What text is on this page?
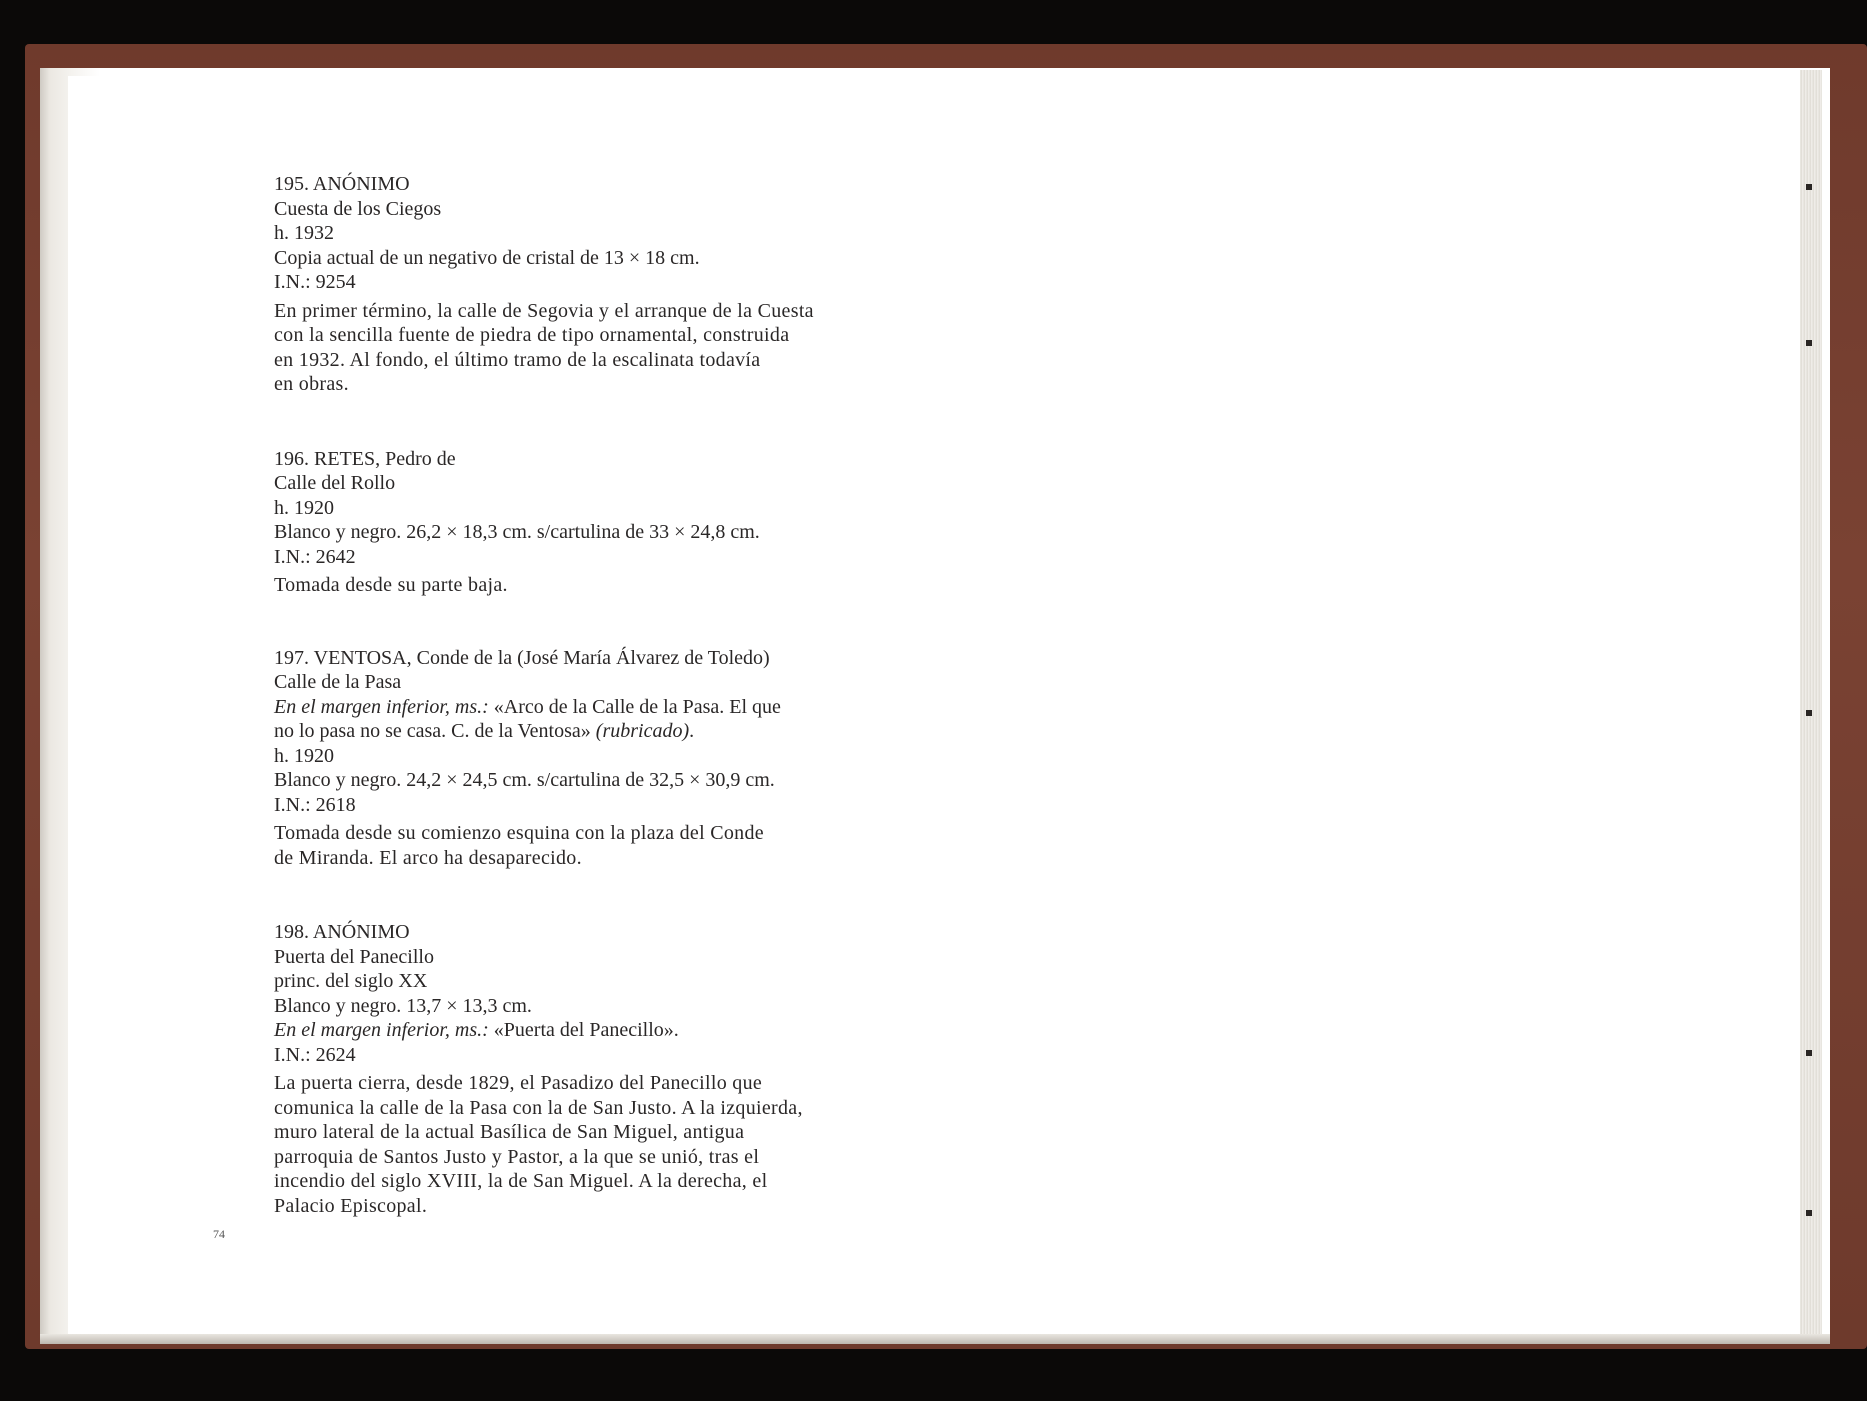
195. ANÓNIMO
Cuesta de los Ciegos
h. 1932
Copia actual de un negativo de cristal de 13 × 18 cm.
I.N.: 9254
En primer término, la calle de Segovia y el arranque de la Cuesta
con la sencilla fuente de piedra de tipo ornamental, construida
en 1932. Al fondo, el último tramo de la escalinata todavía
en obras.
196. RETES, Pedro de
Calle del Rollo
h. 1920
Blanco y negro. 26,2 × 18,3 cm. s/cartulina de 33 × 24,8 cm.
I.N.: 2642
Tomada desde su parte baja.
197. VENTOSA, Conde de la (José María Álvarez de Toledo)
Calle de la Pasa
En el margen inferior, ms.: «Arco de la Calle de la Pasa. El que
no lo pasa no se casa. C. de la Ventosa» (rubricado).
h. 1920
Blanco y negro. 24,2 × 24,5 cm. s/cartulina de 32,5 × 30,9 cm.
I.N.: 2618
Tomada desde su comienzo esquina con la plaza del Conde
de Miranda. El arco ha desaparecido.
198. ANÓNIMO
Puerta del Panecillo
princ. del siglo XX
Blanco y negro. 13,7 × 13,3 cm.
En el margen inferior, ms.: «Puerta del Panecillo».
I.N.: 2624
La puerta cierra, desde 1829, el Pasadizo del Panecillo que
comunica la calle de la Pasa con la de San Justo. A la izquierda,
muro lateral de la actual Basílica de San Miguel, antigua
parroquia de Santos Justo y Pastor, a la que se unió, tras el
incendio del siglo XVIII, la de San Miguel. A la derecha, el
Palacio Episcopal.
74
